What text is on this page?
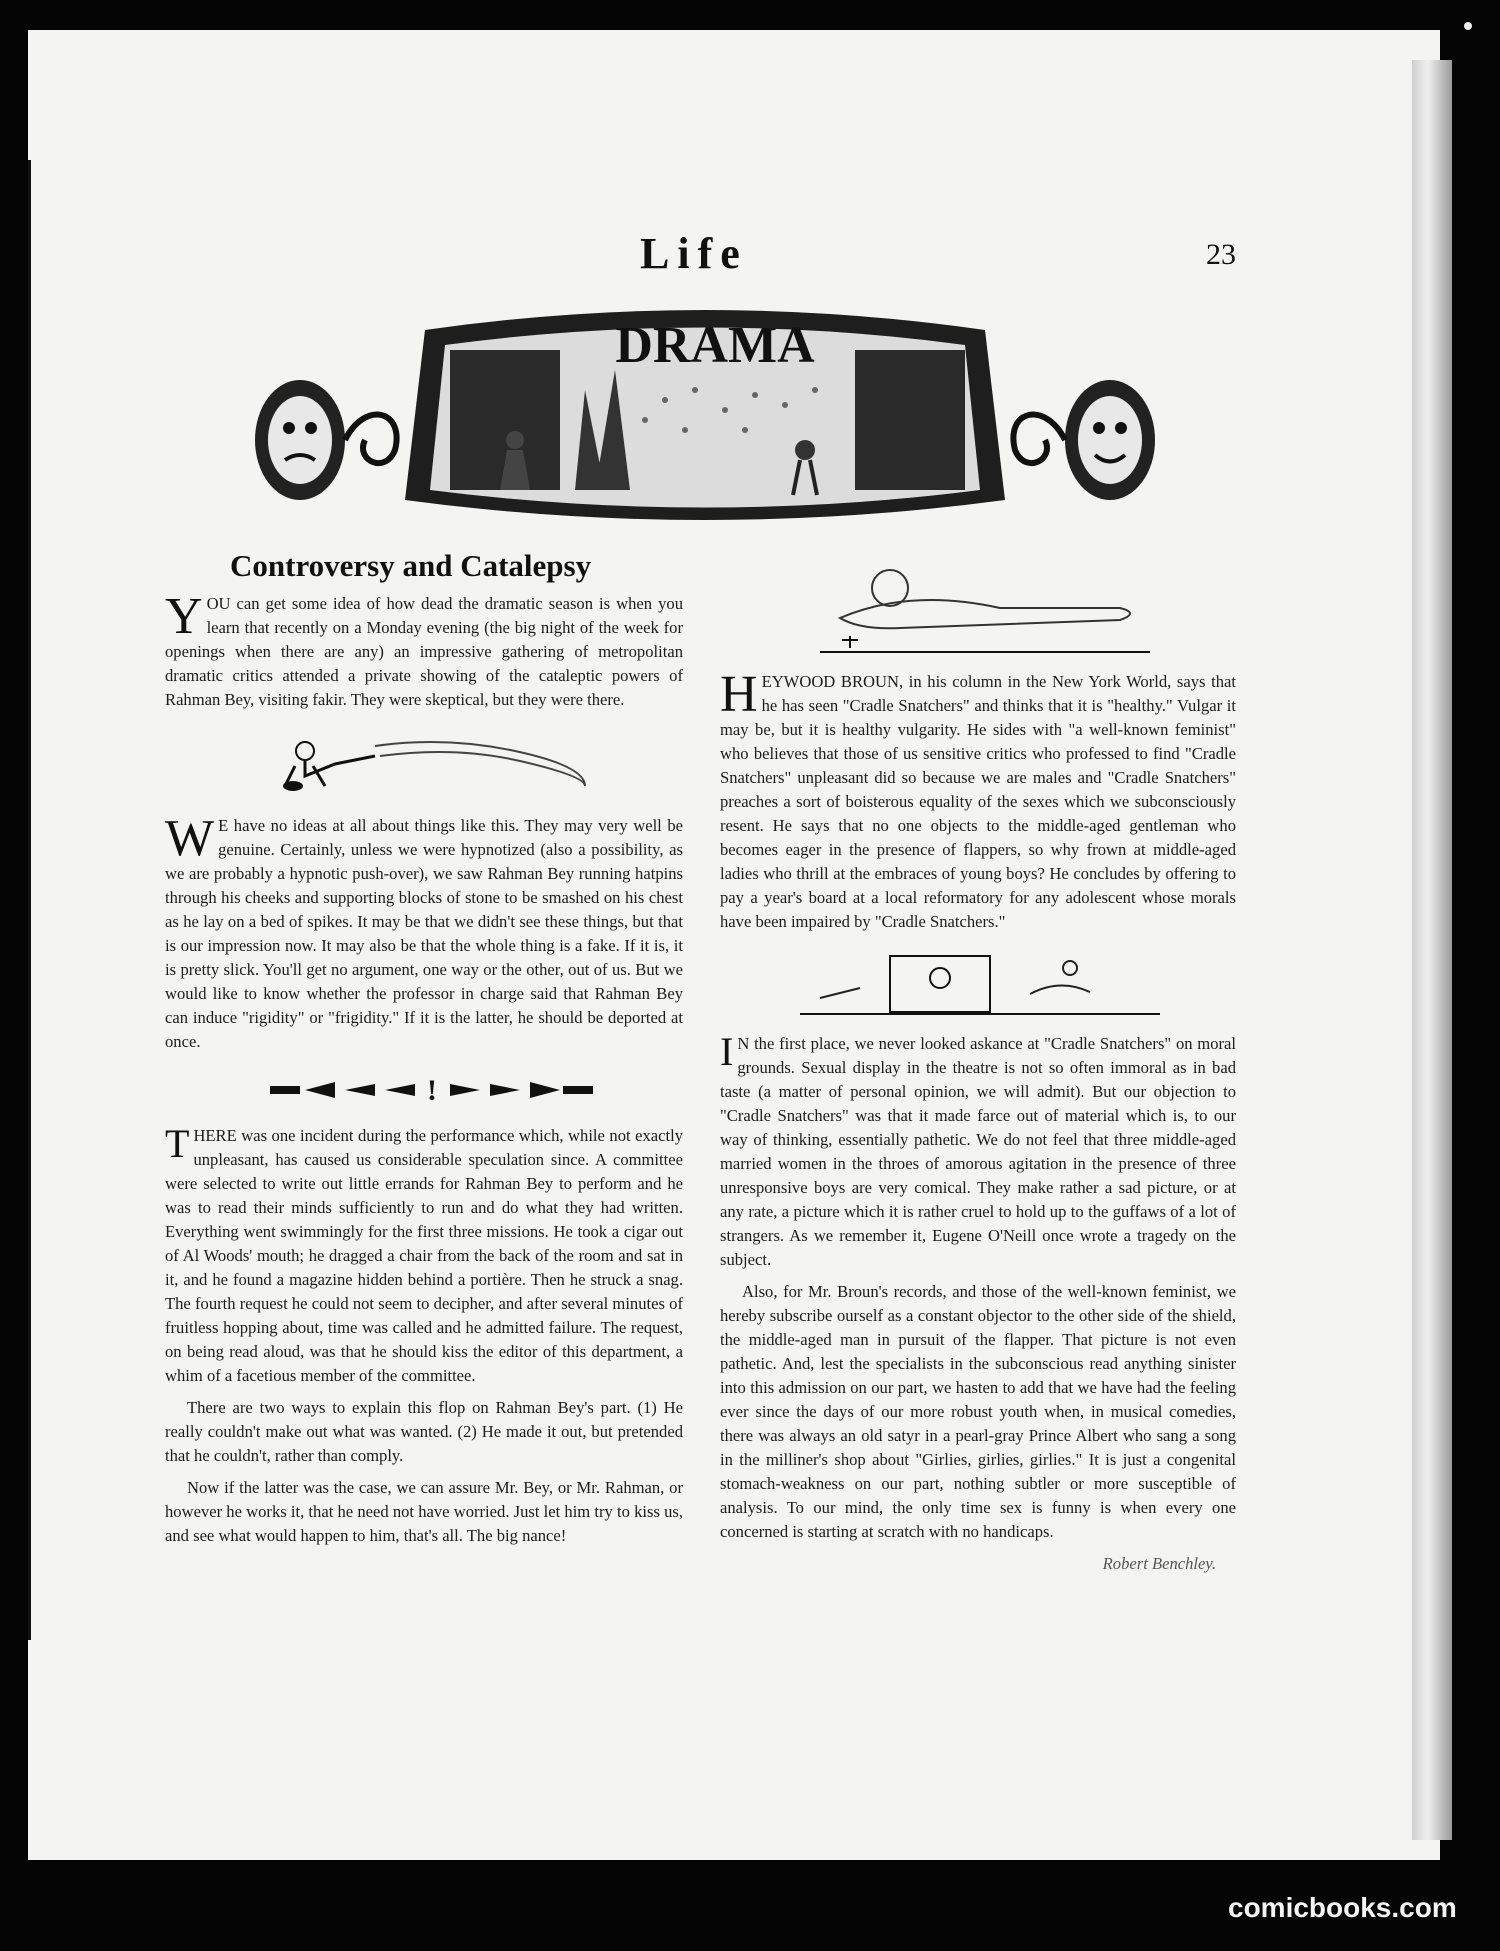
Life	23
DRAMA
Controversy and Catalepsy

YOU can get some idea of how dead the dramatic season is when you learn that recently on a Monday evening (the big night of the week for openings when there are any) an impressive gathering of metropolitan dramatic critics attended a private showing of the cataleptic powers of Rahman Bey, visiting fakir. They were skeptical, but they were there.

W E have no ideas at all about things like this. They may very well be genuine. Certainly, unless we were hypnotized (also a possibility, as we are probably a hypnotic push-over), we saw Rahman Bey running hatpins through his cheeks and supporting blocks of stone to be smashed on his chest as he lay on a bed of spikes. It may be that we didn't see these things, but that is our impression now. It may also be that the whole thing is a fake. If it is, it is pretty slick. You'll get no argument, one way or the other, out of us. But we would like to know whether the professor in charge said that Rahman Bey can induce "rigidity" or "frigidity." If it is the latter, he should be deported at once.

!

THERE was one incident during the performance which, while not exactly unpleasant, has caused us considerable speculation since. A committee were selected to write out little errands for Rahman Bey to perform and he was to read their minds sufficiently to run and do what they had written. Everything went swimmingly for the first three missions. He took a cigar out of Al Woods' mouth; he dragged a chair from the back of the room and sat in it, and he found a magazine hidden behind a portière. Then he struck a snag. The fourth request he could not seem to decipher, and after several minutes of fruitless hopping about, time was called and he admitted failure. The request, on being read aloud, was that he should kiss the editor of this department, a whim of a facetious member of the committee.

There are two ways to explain this flop on Rahman Bey's part. (1) He really couldn't make out what was wanted. (2) He made it out, but pretended that he couldn't, rather than comply.

Now if the latter was the case, we can assure Mr. Bey, or Mr. Rahman, or however he works it, that he need not have worried. Just let him try to kiss us, and see what would happen to him, that's all. The big nance!

HEYWOOD BROUN, in his column in the New York World, says that he has seen "Cradle Snatchers" and thinks that it is "healthy." Vulgar it may be, but it is healthy vulgarity. He sides with "a well-known feminist" who believes that those of us sensitive critics who professed to find "Cradle Snatchers" unpleasant did so because we are males and "Cradle Snatchers" preaches a sort of boisterous equality of the sexes which we subconsciously resent. He says that no one objects to the middle-aged gentleman who becomes eager in the presence of flappers, so why frown at middle-aged ladies who thrill at the embraces of young boys? He concludes by offering to pay a year's board at a local reformatory for any adolescent whose morals have been impaired by "Cradle Snatchers."

I N the first place, we never looked askance at "Cradle Snatchers" on moral grounds. Sexual display in the theatre is not so often immoral as in bad taste (a matter of personal opinion, we will admit). But our objection to "Cradle Snatchers" was that it made farce out of material which is, to our way of thinking, essentially pathetic. We do not feel that three middle-aged married women in the throes of amorous agitation in the presence of three unresponsive boys are very comical. They make rather a sad picture, or at any rate, a picture which it is rather cruel to hold up to the guffaws of a lot of strangers. As we remember it, Eugene O'Neill once wrote a tragedy on the subject.

Also, for Mr. Broun's records, and those of the well-known feminist, we hereby subscribe ourself as a constant objector to the other side of the shield, the middle-aged man in pursuit of the flapper. That picture is not even pathetic. And, lest the specialists in the subconscious read anything sinister into this admission on our part, we hasten to add that we have had the feeling ever since the days of our more robust youth when, in musical comedies, there was always an old satyr in a pearl-gray Prince Albert who sang a song in the milliner's shop about "Girlies, girlies, girlies." It is just a congenital stomach-weakness on our part, nothing subtler or more susceptible of analysis. To our mind, the only time sex is funny is when every one concerned is starting at scratch with no handicaps.

Robert Benchley.
comicbooks.com
